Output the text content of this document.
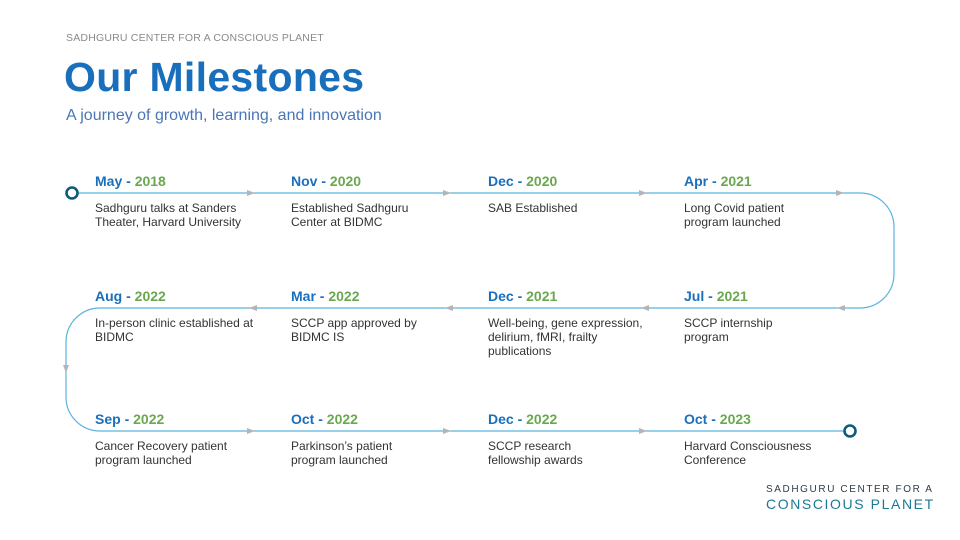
SADHGURU CENTER FOR A CONSCIOUS PLANET
Our Milestones
A journey of growth, learning, and innovation
May - 2018
Sadhguru talks at Sanders Theater, Harvard University
Nov - 2020
Established Sadhguru Center at BIDMC
Dec - 2020
SAB Established
Apr - 2021
Long Covid patient program launched
Aug - 2022
In-person clinic established at BIDMC
Mar - 2022
SCCP app approved by BIDMC IS
Dec - 2021
Well-being, gene expression, delirium, fMRI, frailty publications
Jul - 2021
SCCP internship program
Sep - 2022
Cancer Recovery patient program launched
Oct - 2022
Parkinson’s patient program launched
Dec - 2022
SCCP research fellowship awards
Oct - 2023
Harvard Consciousness Conference
SADHGURU CENTER FOR A
CONSCIOUS PLANET
